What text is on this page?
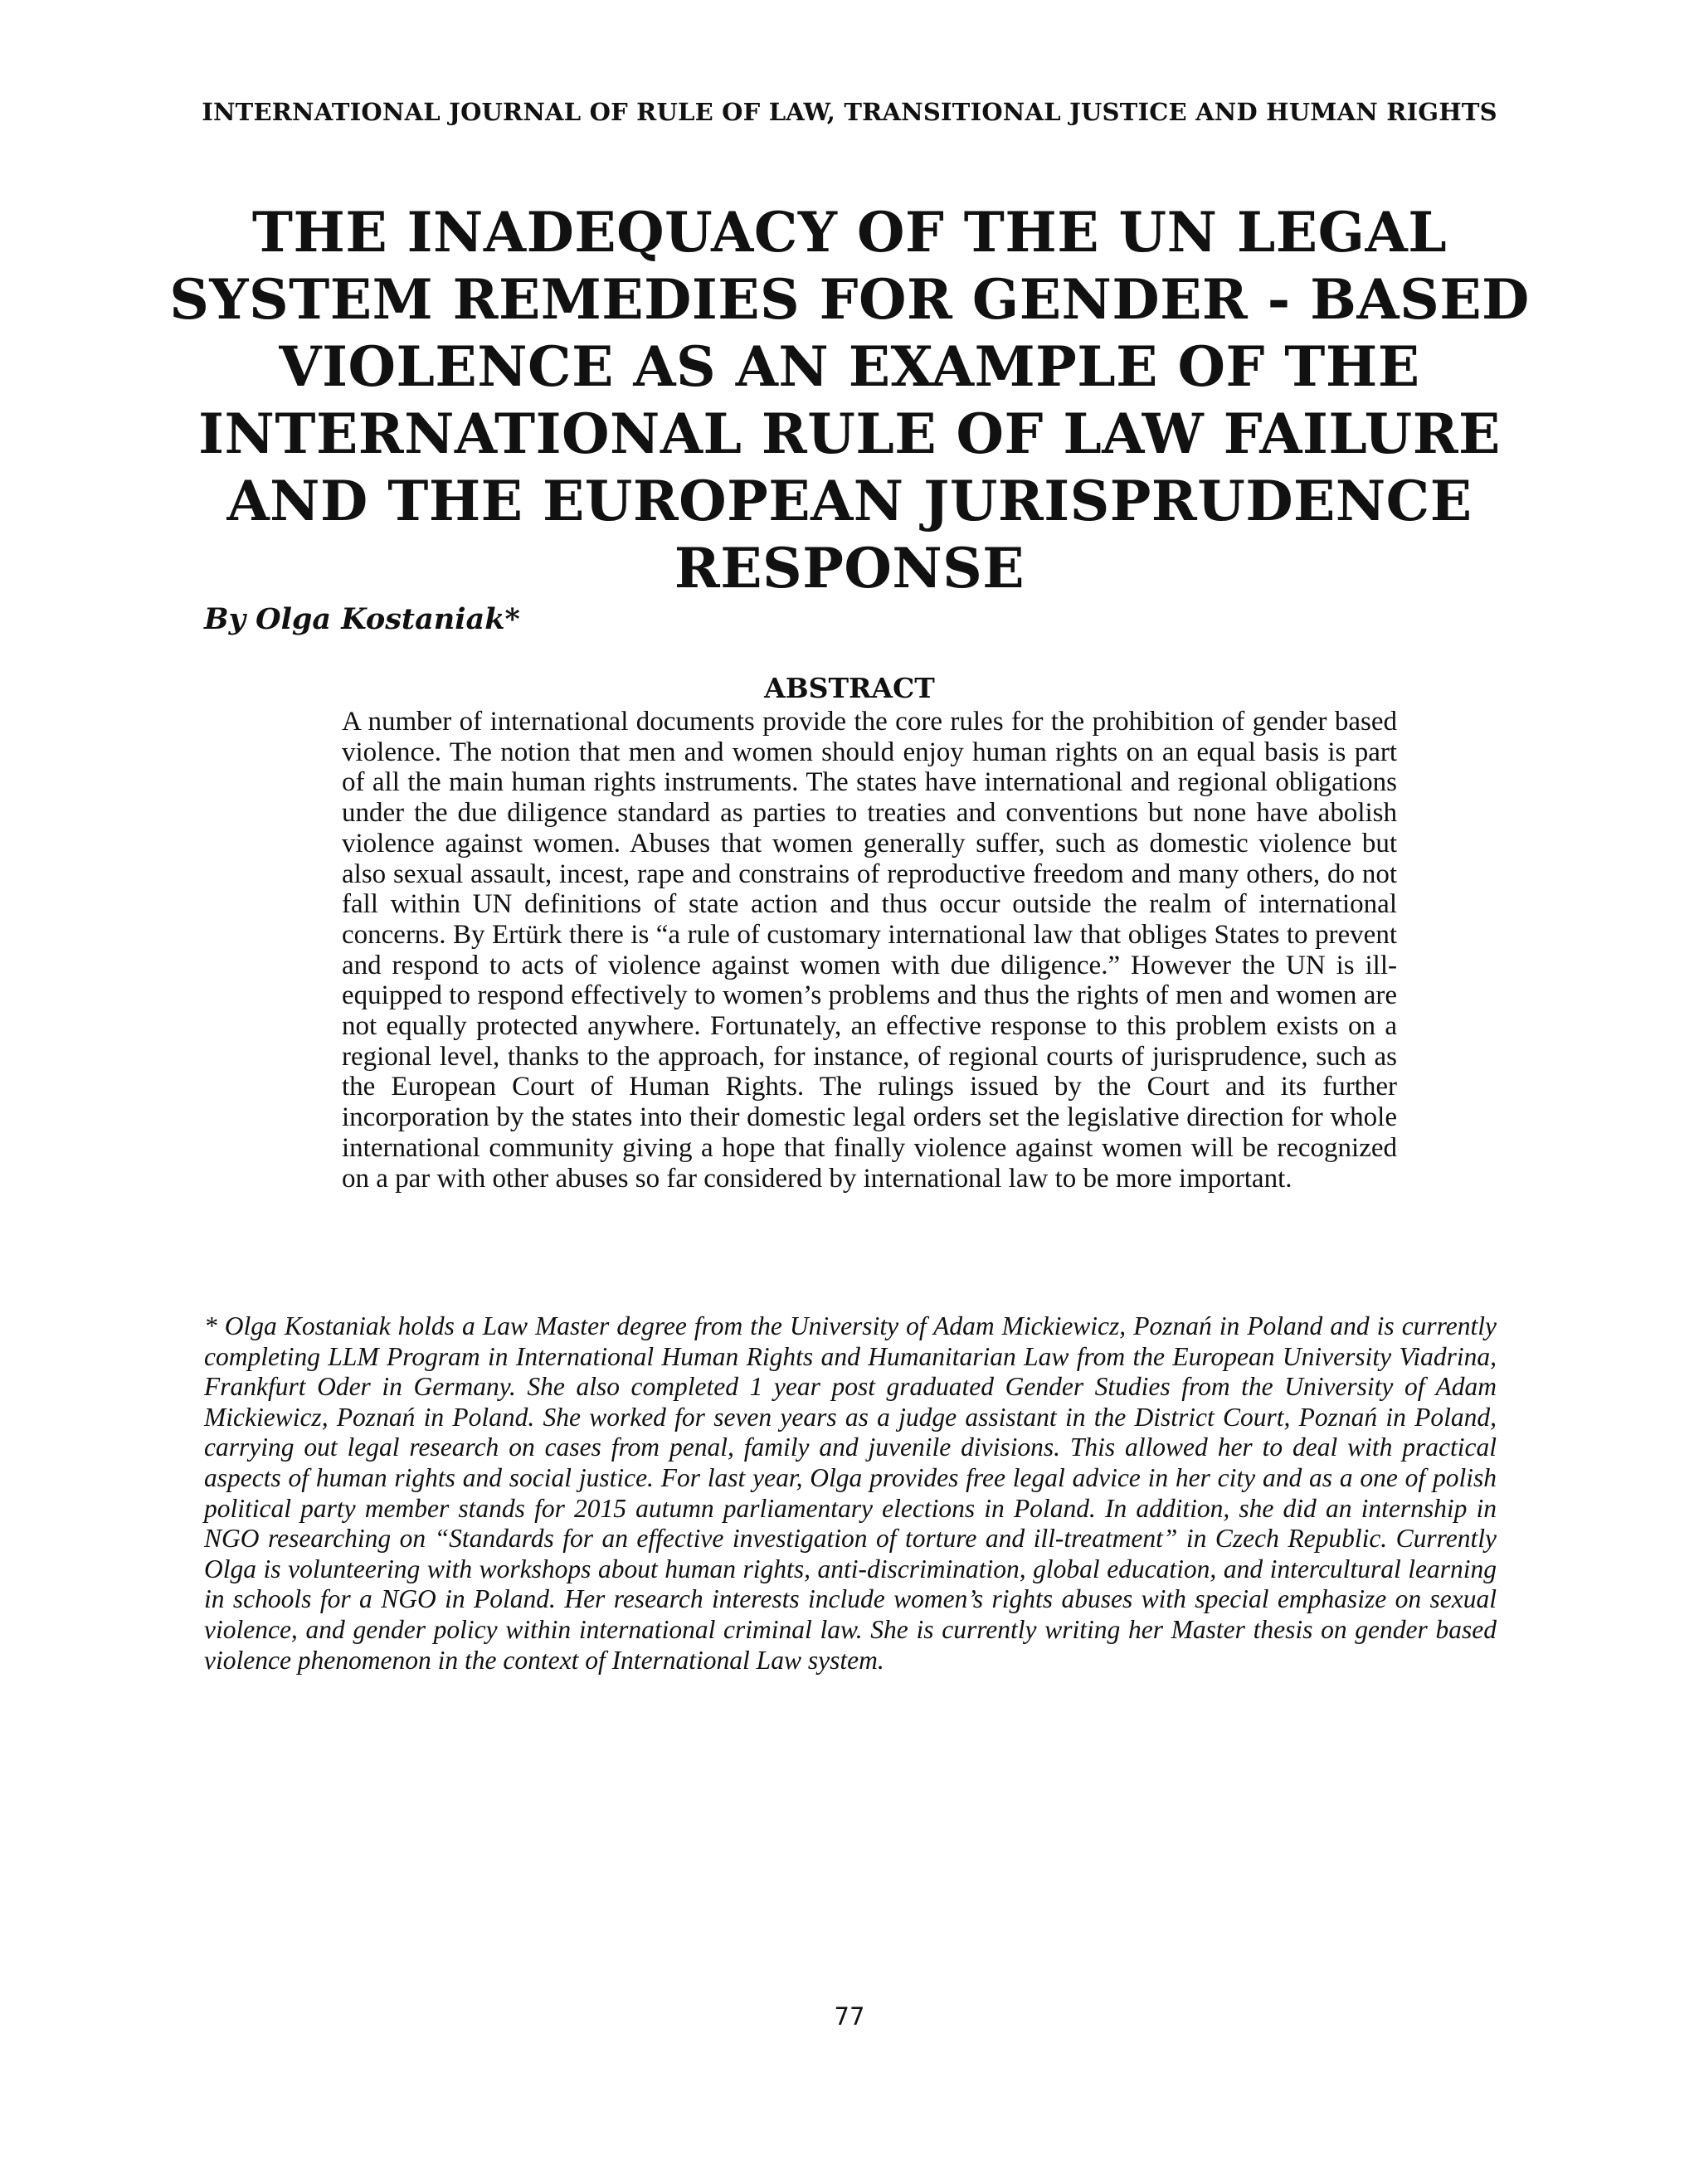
INTERNATIONAL JOURNAL OF RULE OF LAW, TRANSITIONAL JUSTICE AND HUMAN RIGHTS
THE INADEQUACY OF THE UN LEGAL
SYSTEM REMEDIES FOR GENDER - BASED
VIOLENCE AS AN EXAMPLE OF THE
INTERNATIONAL RULE OF LAW FAILURE
AND THE EUROPEAN JURISPRUDENCE
RESPONSE
By Olga Kostaniak*
ABSTRACT

A number of international documents provide the core rules for the prohibition of gender based violence. The notion that men and women should enjoy human rights on an equal basis is part of all the main human rights instruments. The states have international and regional obligations under the due diligence standard as parties to treaties and conventions but none have abolish violence against women. Abuses that women generally suffer, such as domestic violence but also sexual assault, incest, rape and constrains of reproductive freedom and many others, do not fall within UN definitions of state action and thus occur outside the realm of international concerns. By Ertürk there is “a rule of customary international law that obliges States to prevent and respond to acts of violence against women with due diligence.” However the UN is ill-equipped to respond effectively to women’s problems and thus the rights of men and women are not equally protected anywhere. Fortunately, an effective response to this problem exists on a regional level, thanks to the approach, for instance, of regional courts of jurisprudence, such as the European Court of Human Rights. The rulings issued by the Court and its further incorporation by the states into their domestic legal orders set the legislative direction for whole international community giving a hope that finally violence against women will be recognized on a par with other abuses so far considered by international law to be more important.

* Olga Kostaniak holds a Law Master degree from the University of Adam Mickiewicz, Poznań in Poland and is currently completing LLM Program in International Human Rights and Humanitarian Law from the European University Viadrina, Frankfurt Oder in Germany. She also completed 1 year post graduated Gender Studies from the University of Adam Mickiewicz, Poznań in Poland. She worked for seven years as a judge assistant in the District Court, Poznań in Poland, carrying out legal research on cases from penal, family and juvenile divisions. This allowed her to deal with practical aspects of human rights and social justice. For last year, Olga provides free legal advice in her city and as a one of polish political party member stands for 2015 autumn parliamentary elections in Poland. In addition, she did an internship in NGO researching on “Standards for an effective investigation of torture and ill-treatment” in Czech Republic. Currently Olga is volunteering with workshops about human rights, anti-discrimination, global education, and intercultural learning in schools for a NGO in Poland. Her research interests include women’s rights abuses with special emphasize on sexual violence, and gender policy within international criminal law. She is currently writing her Master thesis on gender based violence phenomenon in the context of International Law system.

77
